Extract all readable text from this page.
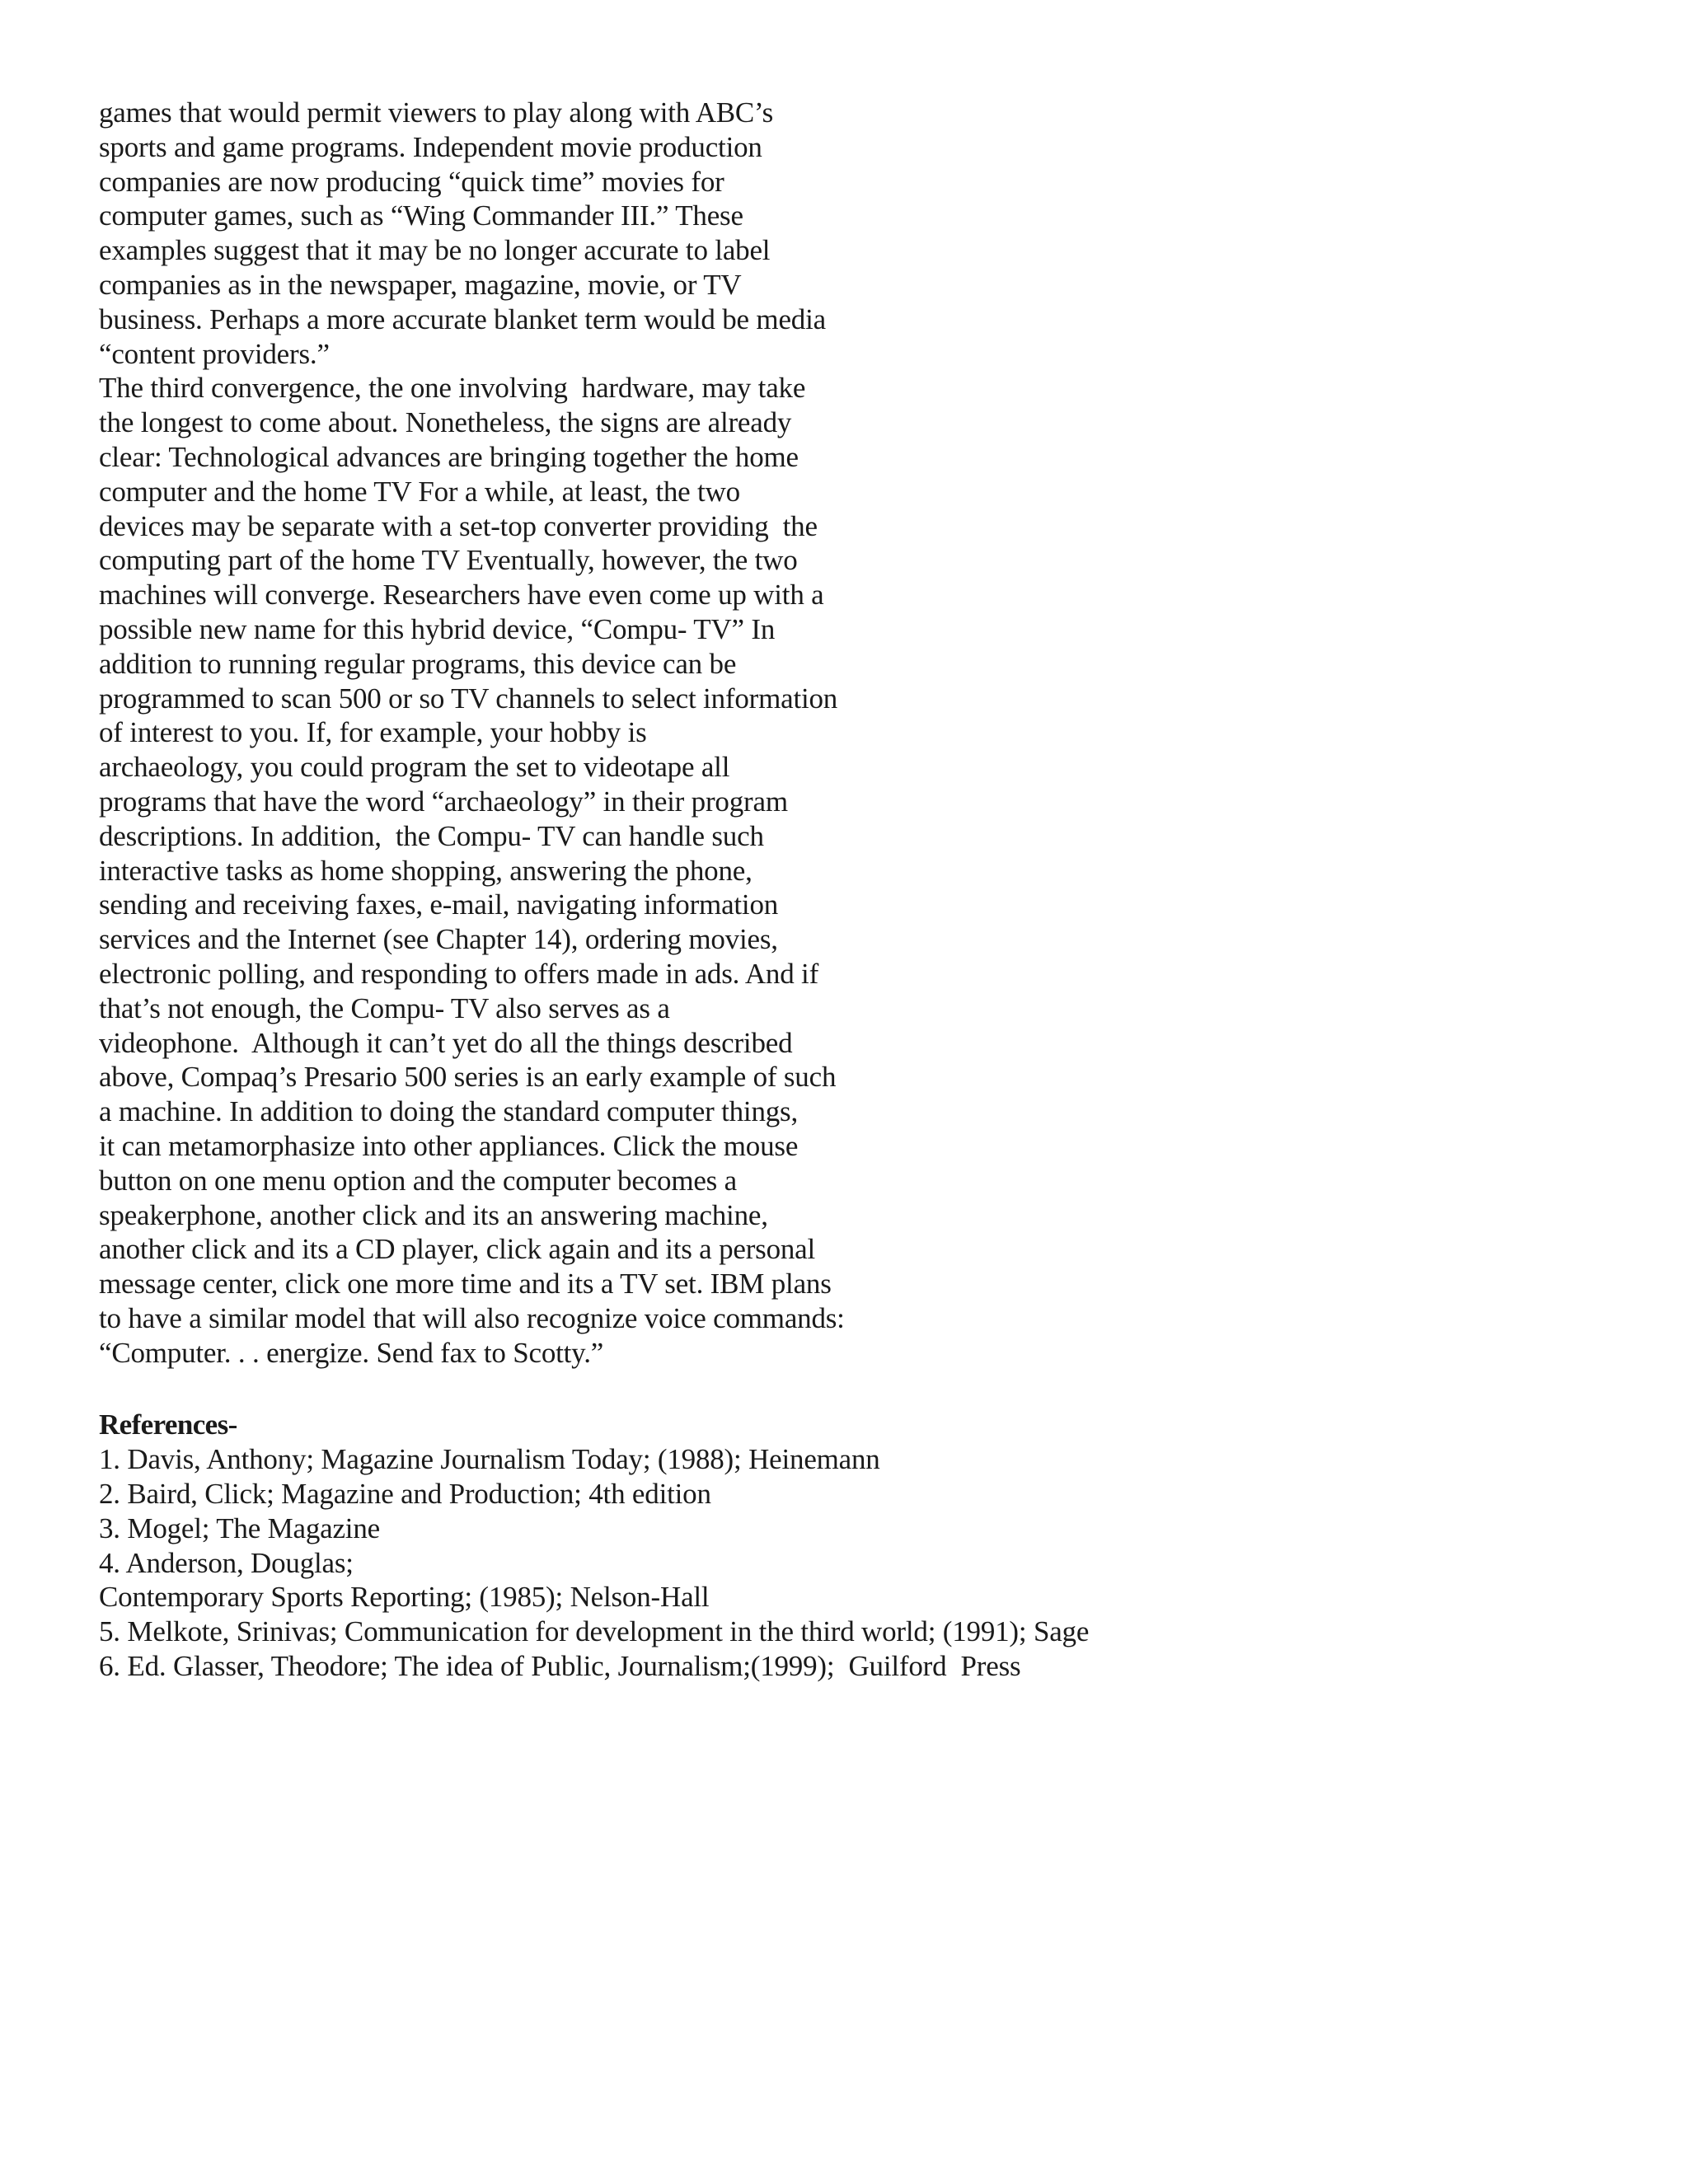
games that would permit viewers to play along with ABC’s
sports and game programs. Independent movie production
companies are now producing “quick time” movies for
computer games, such as “Wing Commander III.” These
examples suggest that it may be no longer accurate to label
companies as in the newspaper, magazine, movie, or TV
business. Perhaps a more accurate blanket term would be media
“content providers.”
The third convergence, the one involving  hardware, may take
the longest to come about. Nonetheless, the signs are already
clear: Technological advances are bringing together the home
computer and the home TV For a while, at least, the two
devices may be separate with a set-top converter providing  the
computing part of the home TV Eventually, however, the two
machines will converge. Researchers have even come up with a
possible new name for this hybrid device, “Compu- TV” In
addition to running regular programs, this device can be
programmed to scan 500 or so TV channels to select information
of interest to you. If, for example, your hobby is
archaeology, you could program the set to videotape all
programs that have the word “archaeology” in their program
descriptions. In addition,  the Compu- TV can handle such
interactive tasks as home shopping, answering the phone,
sending and receiving faxes, e-mail, navigating information
services and the Internet (see Chapter 14), ordering movies,
electronic polling, and responding to offers made in ads. And if
that’s not enough, the Compu- TV also serves as a
videophone.  Although it can’t yet do all the things described
above, Compaq’s Presario 500 series is an early example of such
a machine. In addition to doing the standard computer things,
it can metamorphasize into other appliances. Click the mouse
button on one menu option and the computer becomes a
speakerphone, another click and its an answering machine,
another click and its a CD player, click again and its a personal
message center, click one more time and its a TV set. IBM plans
to have a similar model that will also recognize voice commands:
“Computer. . . energize. Send fax to Scotty.”
References-
1. Davis, Anthony; Magazine Journalism Today; (1988); Heinemann
2. Baird, Click; Magazine and Production; 4th edition
3. Mogel; The Magazine
4. Anderson, Douglas;
Contemporary Sports Reporting; (1985); Nelson-Hall
5. Melkote, Srinivas; Communication for development in the third world; (1991); Sage
6. Ed. Glasser, Theodore; The idea of Public, Journalism;(1999);  Guilford  Press
